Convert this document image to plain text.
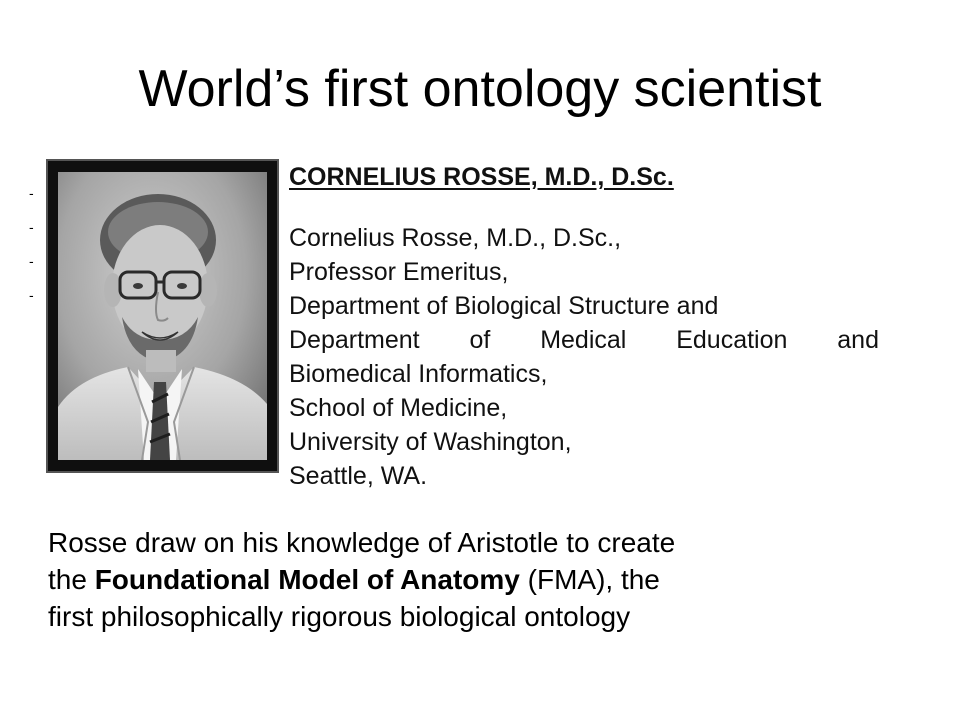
World’s first ontology scientist
-
-
-
-
CORNELIUS ROSSE, M.D., D.Sc.
Cornelius Rosse, M.D., D.Sc.,
Professor Emeritus,
Department of Biological Structure and
Department of Medical Education and
Biomedical Informatics,
School of Medicine,
University of Washington,
Seattle, WA.
Rosse draw on his knowledge of Aristotle to create
the Foundational Model of Anatomy (FMA), the
first philosophically rigorous biological ontology
